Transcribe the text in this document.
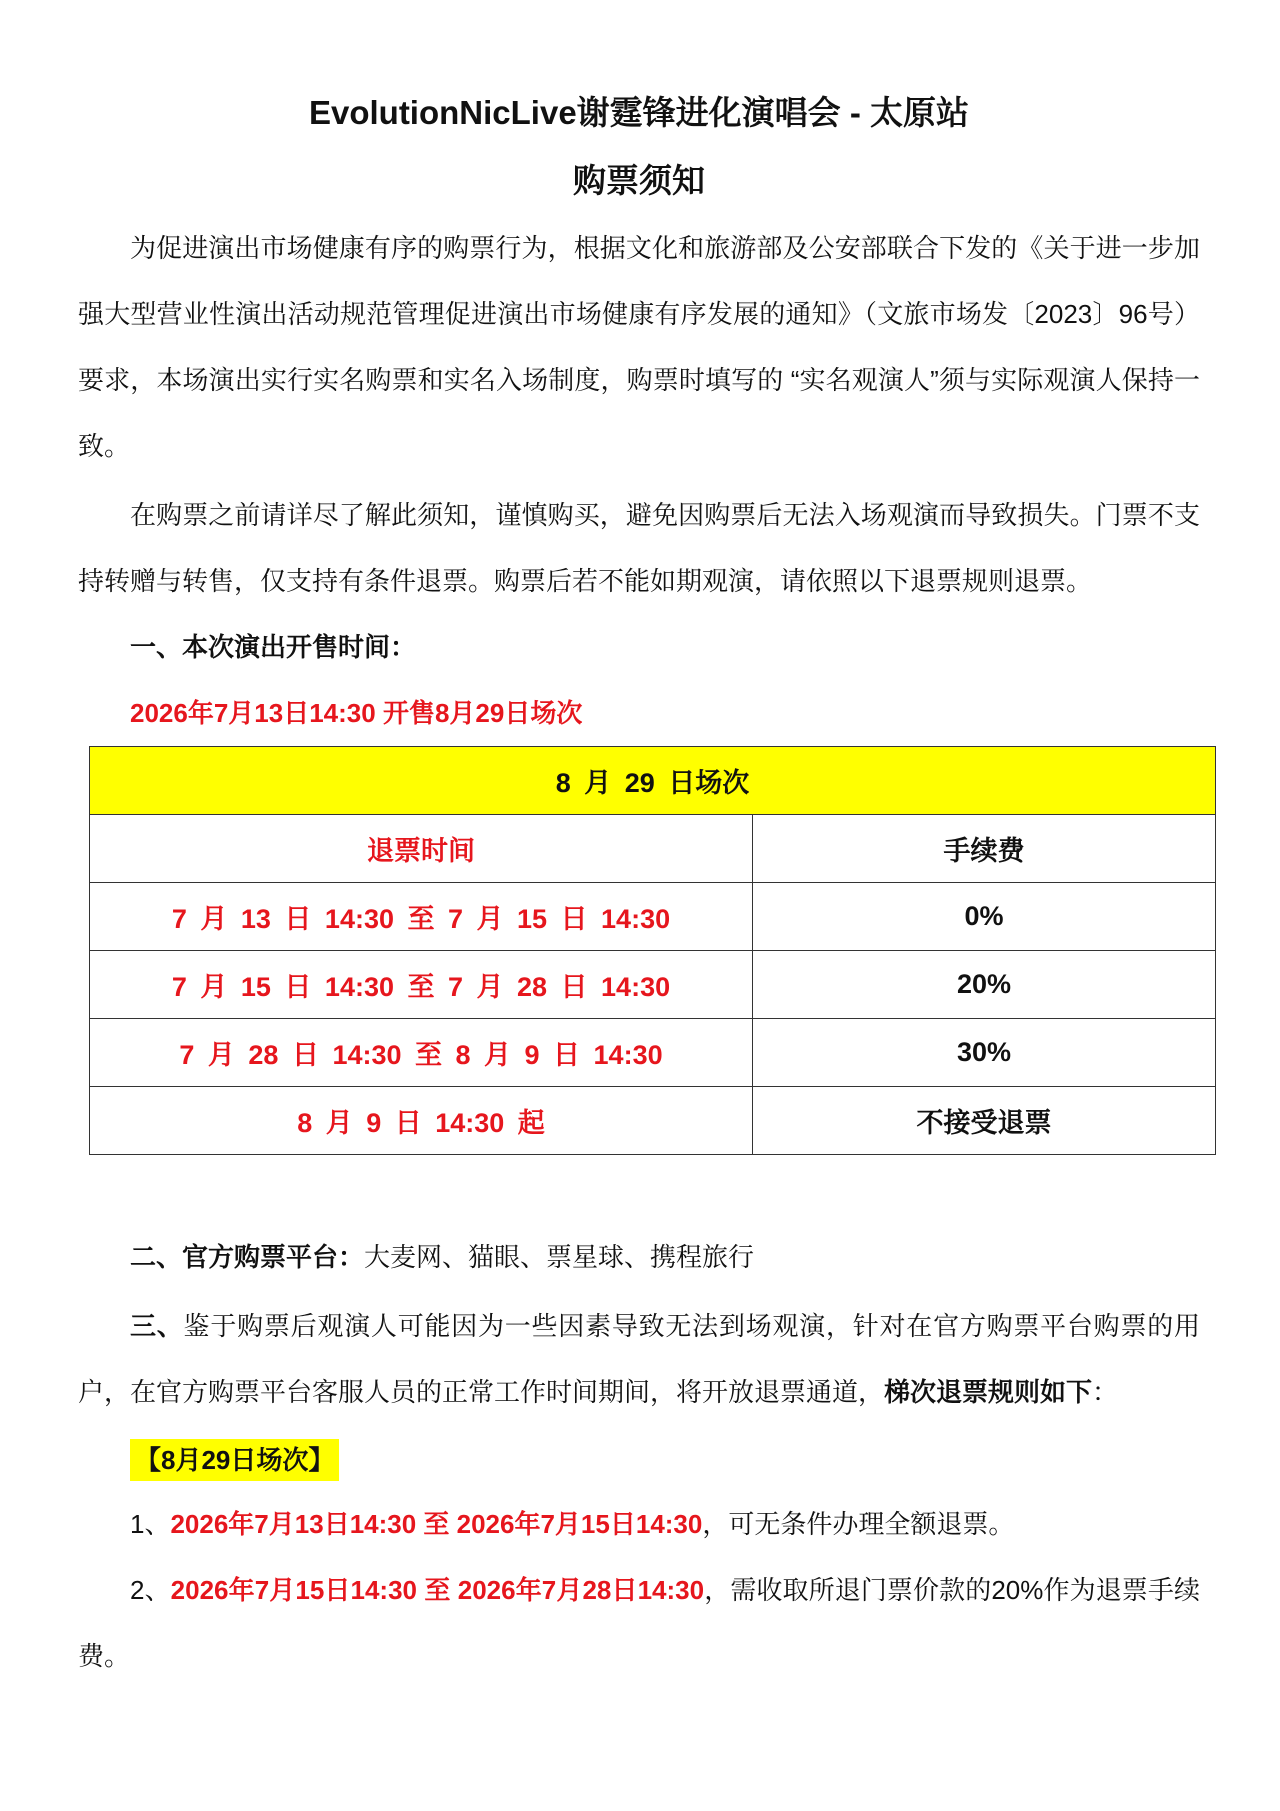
EvolutionNicLive谢霆锋进化演唱会 - 太原站
购票须知

为促进演出市场健康有序的购票行为，根据文化和旅游部及公安部联合下发的《关于进一步加强大型营业性演出活动规范管理促进演出市场健康有序发展的通知》（文旅市场发〔2023〕96号）要求，本场演出实行实名购票和实名入场制度，购票时填写的 “实名观演人”须与实际观演人保持一致。

在购票之前请详尽了解此须知，谨慎购买，避免因购票后无法入场观演而导致损失。门票不支持转赠与转售，仅支持有条件退票。购票后若不能如期观演，请依照以下退票规则退票。

一、本次演出开售时间：

2026年7月13日14:30 开售8月29日场次

8 月 29 日场次	
退票时间	手续费
7 月 13 日 14:30 至 7 月 15 日 14:30	0%
7 月 15 日 14:30 至 7 月 28 日 14:30	20%
7 月 28 日 14:30 至 8 月 9 日 14:30	30%
8 月 9 日 14:30 起	不接受退票

二、官方购票平台：大麦网、猫眼、票星球、携程旅行

三、鉴于购票后观演人可能因为一些因素导致无法到场观演，针对在官方购票平台购票的用户，在官方购票平台客服人员的正常工作时间期间，将开放退票通道，梯次退票规则如下：

【8月29日场次】

1、2026年7月13日14:30 至 2026年7月15日14:30，可无条件办理全额退票。

2、2026年7月15日14:30 至 2026年7月28日14:30，需收取所退门票价款的20%作为退票手续费。
